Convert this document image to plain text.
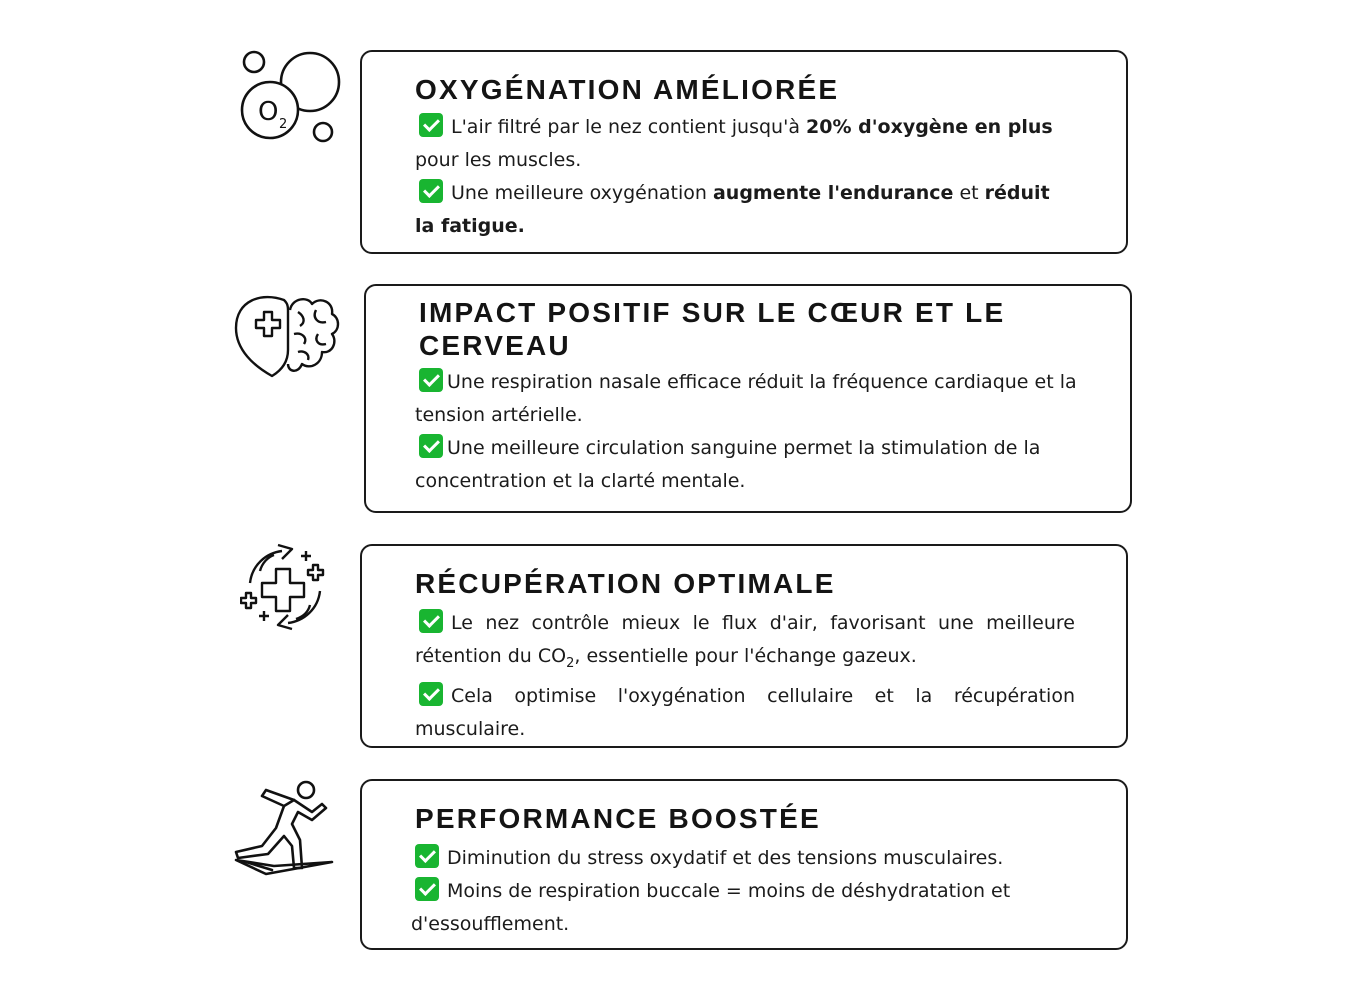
O 2
OXYGÉNATION AMÉLIORÉE

L'air filtré par le nez contient jusqu'à 20% d'oxygène en plus
pour les muscles.
Une meilleure oxygénation augmente l'endurance et réduit la fatigue.

IMPACT POSITIF SUR LE CŒUR ET LE CERVEAU

Une respiration nasale efficace réduit la fréquence cardiaque et la tension artérielle.
Une meilleure circulation sanguine permet la stimulation de la concentration et la clarté mentale.

RÉCUPÉRATION OPTIMALE

Le nez contrôle mieux le flux d'air, favorisant une meilleure rétention du $CO_2$, essentielle pour l'échange gazeux.
Cela optimise l'oxygénation cellulaire et la récupération musculaire.

PERFORMANCE BOOSTÉE

Diminution du stress oxydatif et des tensions musculaires.
Moins de respiration buccale = moins de déshydratation et d'essoufflement.
